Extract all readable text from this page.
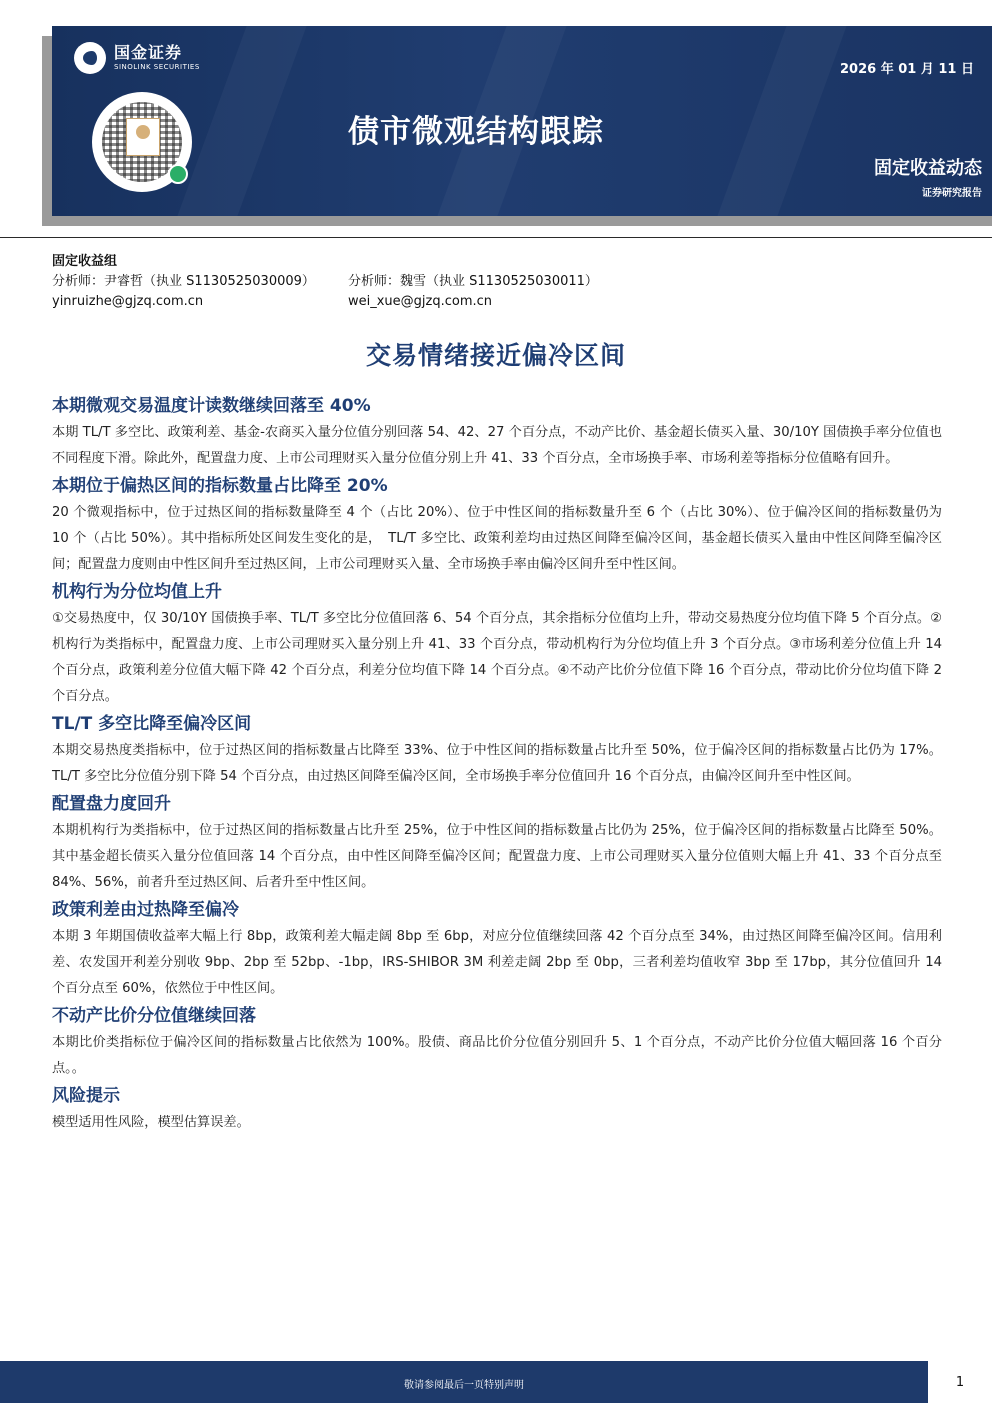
国金证券
SINOLINK SECURITIES	2026 年 01 月 11 日
债市微观结构跟踪
固定收益动态
证券研究报告
固定收益组
分析师：尹睿哲（执业 S1130525030009）
yinruizhe@gjzq.com.cn
分析师：魏雪（执业 S1130525030011）
wei_xue@gjzq.com.cn
交易情绪接近偏冷区间
本期微观交易温度计读数继续回落至 40%

本期 TL/T 多空比、政策利差、基金-农商买入量分位值分别回落 54、42、27 个百分点，不动产比价、基金超长债买入量、30/10Y 国债换手率分位值也不同程度下滑。除此外，配置盘力度、上市公司理财买入量分位值分别上升 41、33 个百分点，全市场换手率、市场利差等指标分位值略有回升。

本期位于偏热区间的指标数量占比降至 20%

20 个微观指标中，位于过热区间的指标数量降至 4 个（占比 20%）、位于中性区间的指标数量升至 6 个（占比 30%）、位于偏冷区间的指标数量仍为 10 个（占比 50%）。其中指标所处区间发生变化的是，　TL/T 多空比、政策利差均由过热区间降至偏冷区间，基金超长债买入量由中性区间降至偏冷区间；配置盘力度则由中性区间升至过热区间，上市公司理财买入量、全市场换手率由偏冷区间升至中性区间。

机构行为分位均值上升

①交易热度中，仅 30/10Y 国债换手率、TL/T 多空比分位值回落 6、54 个百分点，其余指标分位值均上升，带动交易热度分位均值下降 5 个百分点。②机构行为类指标中，配置盘力度、上市公司理财买入量分别上升 41、33 个百分点，带动机构行为分位均值上升 3 个百分点。③市场利差分位值上升 14 个百分点，政策利差分位值大幅下降 42 个百分点，利差分位均值下降 14 个百分点。④不动产比价分位值下降 16 个百分点，带动比价分位均值下降 2 个百分点。

TL/T 多空比降至偏冷区间

本期交易热度类指标中，位于过热区间的指标数量占比降至 33%、位于中性区间的指标数量占比升至 50%，位于偏冷区间的指标数量占比仍为 17%。TL/T 多空比分位值分别下降 54 个百分点，由过热区间降至偏冷区间，全市场换手率分位值回升 16 个百分点，由偏冷区间升至中性区间。

配置盘力度回升

本期机构行为类指标中，位于过热区间的指标数量占比升至 25%，位于中性区间的指标数量占比仍为 25%，位于偏冷区间的指标数量占比降至 50%。其中基金超长债买入量分位值回落 14 个百分点，由中性区间降至偏冷区间；配置盘力度、上市公司理财买入量分位值则大幅上升 41、33 个百分点至 84%、56%，前者升至过热区间、后者升至中性区间。

政策利差由过热降至偏冷

本期 3 年期国债收益率大幅上行 8bp，政策利差大幅走阔 8bp 至 6bp，对应分位值继续回落 42 个百分点至 34%，由过热区间降至偏冷区间。信用利差、农发国开利差分别收 9bp、2bp 至 52bp、-1bp，IRS-SHIBOR 3M 利差走阔 2bp 至 0bp，三者利差均值收窄 3bp 至 17bp，其分位值回升 14 个百分点至 60%，依然位于中性区间。

不动产比价分位值继续回落

本期比价类指标位于偏冷区间的指标数量占比依然为 100%。股债、商品比价分位值分别回升 5、1 个百分点，不动产比价分位值大幅回落 16 个百分点。。

风险提示

模型适用性风险，模型估算误差。

敬请参阅最后一页特别声明	1
